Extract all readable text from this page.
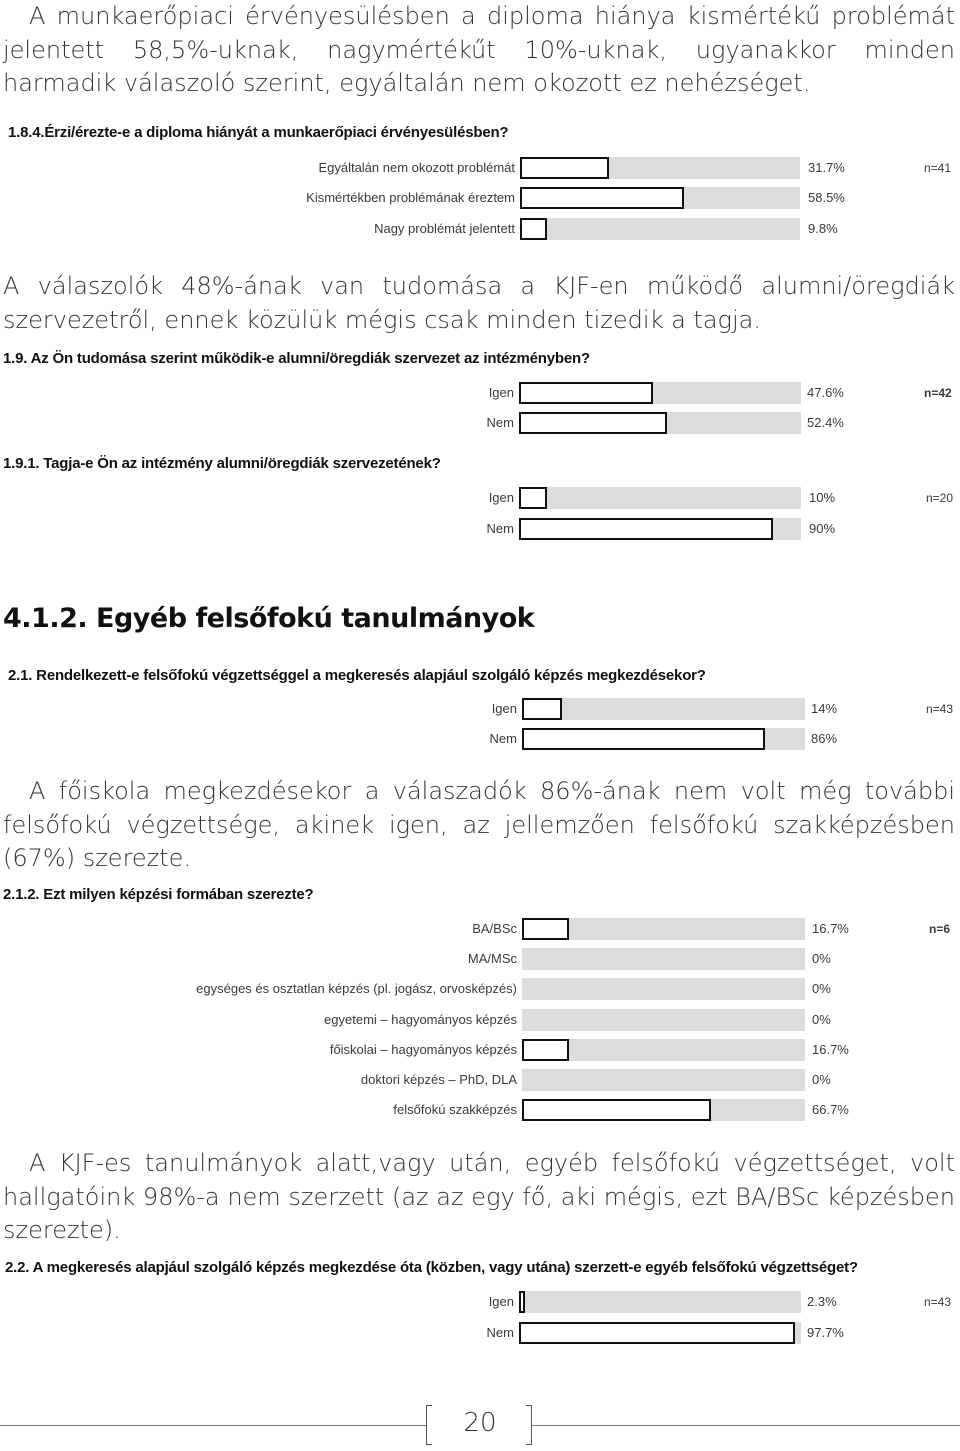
A munkaerőpiaci érvényesülésben a diploma hiánya kismértékű problémát jelentett 58,5%-uknak, nagymértékűt 10%-uknak, ugyanakkor minden harmadik válaszoló szerint, egyáltalán nem okozott ez nehézséget.

1.8.4.Érzi/érezte-e a diploma hiányát a munkaerőpiaci érvényesülésben?

Egyáltalán nem okozott problémát	31.7%
Kismértékben problémának éreztem	58.5%
Nagy problémát jelentett	9.8%
n=41

A válaszolók 48%-ának van tudomása a KJF-en működő alumni/öregdiák szervezetről, ennek közülük mégis csak minden tizedik a tagja.

1.9. Az Ön tudomása szerint működik-e alumni/öregdiák szervezet az intézményben?

Igen	47.6%
Nem	52.4%
n=42

1.9.1. Tagja-e Ön az intézmény alumni/öregdiák szervezetének?

Igen	10%
Nem	90%
n=20

4.1.2. Egyéb felsőfokú tanulmányok

2.1. Rendelkezett-e felsőfokú végzettséggel a megkeresés alapjául szolgáló képzés megkezdésekor?

Igen	14%
Nem	86%
n=43

A főiskola megkezdésekor a válaszadók 86%-ának nem volt még további felsőfokú végzettsége, akinek igen, az jellemzően felsőfokú szakképzésben (67%) szerezte.

2.1.2. Ezt milyen képzési formában szerezte?

BA/BSc	16.7%
MA/MSc	0%
egységes és osztatlan képzés (pl. jogász, orvosképzés)	0%
egyetemi – hagyományos képzés	0%
főiskolai – hagyományos képzés	16.7%
doktori képzés – PhD, DLA	0%
felsőfokú szakképzés	66.7%
n=6

A KJF-es tanulmányok alatt,vagy után, egyéb felsőfokú végzettséget, volt hallgatóink 98%-a nem szerzett (az az egy fő, aki mégis, ezt BA/BSc képzésben szerezte).

2.2. A megkeresés alapjául szolgáló képzés megkezdése óta (közben, vagy utána) szerzett-e egyéb felsőfokú végzettséget?

Igen	2.3%
Nem	97.7%
n=43
20
